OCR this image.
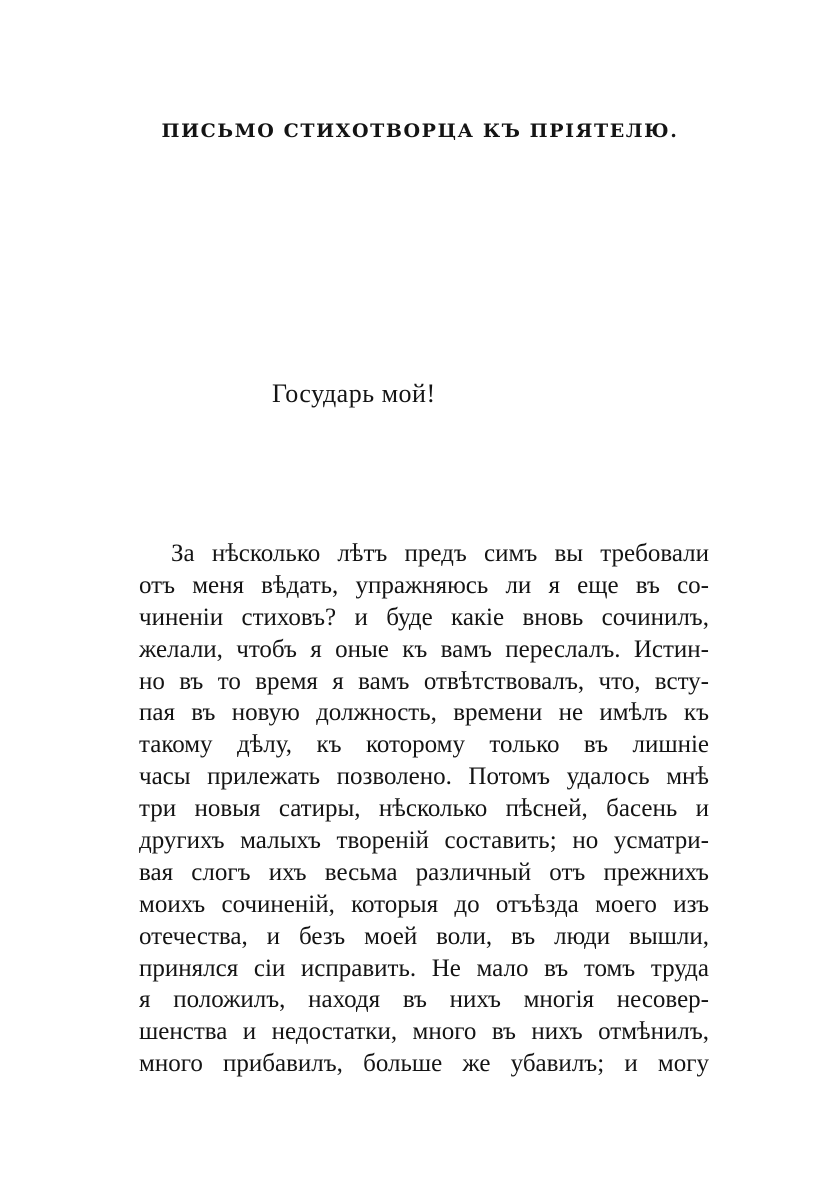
ПИСЬМО СТИХОТВОРЦА КЪ ПРІЯТЕЛЮ.
Государь мой!
За нѣсколько лѣтъ предъ симъ вы требовали
отъ меня вѣдать, упражняюсь ли я еще въ со-
чиненіи стиховъ? и буде какіе вновь сочинилъ,
желали, чтобъ я оные къ вамъ переслалъ. Истин-
но въ то время я вамъ отвѣтствовалъ, что, всту-
пая въ новую должность, времени не имѣлъ къ
такому дѣлу, къ которому только въ лишніе
часы прилежать позволено. Потомъ удалось мнѣ
три новыя сатиры, нѣсколько пѣсней, басень и
другихъ малыхъ твореній составить; но усматри-
вая слогъ ихъ весьма различный отъ прежнихъ
моихъ сочиненій, которыя до отъѣзда моего изъ
отечества, и безъ моей воли, въ люди вышли,
принялся сіи исправить. Не мало въ томъ труда
я положилъ, находя въ нихъ многія несовер-
шенства и недостатки, много въ нихъ отмѣнилъ,
много прибавилъ, больше же убавилъ; и могу
